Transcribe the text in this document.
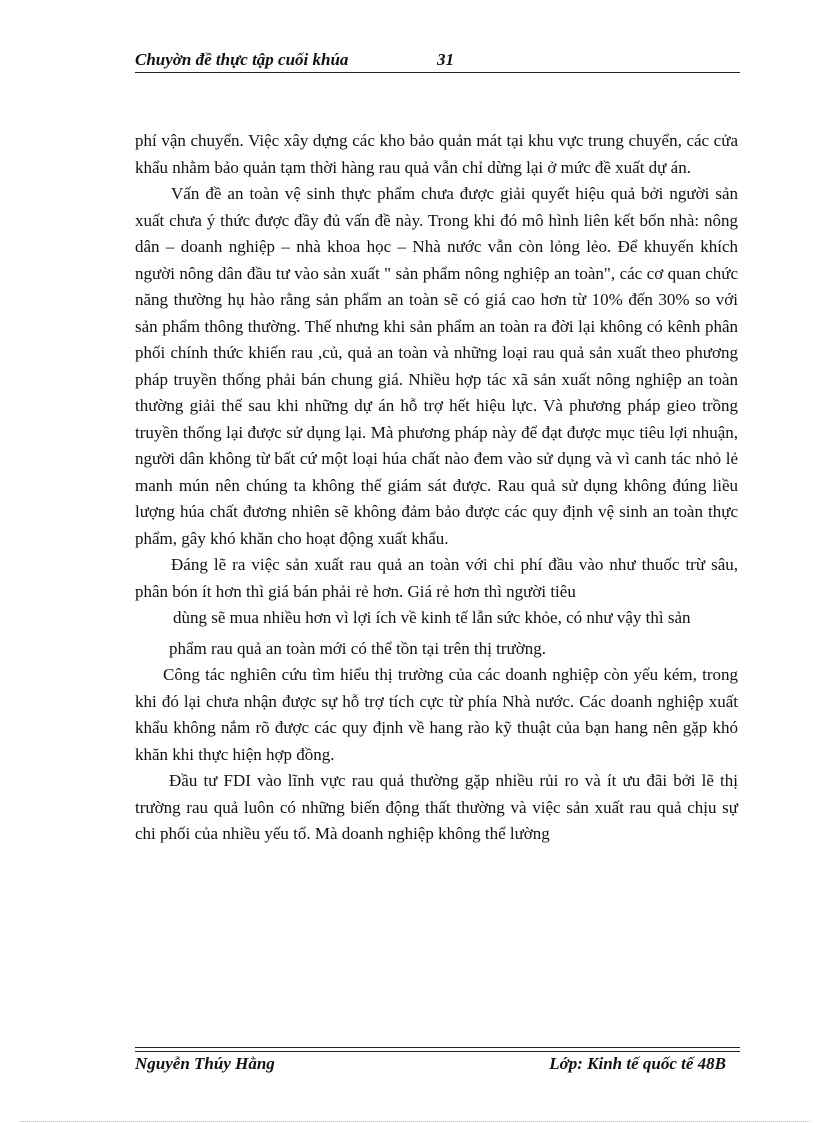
Chuyờn đề thực tập cuối khúa	31

phí vận chuyển. Việc xây dựng các kho bảo quản mát tại khu vực trung chuyển, các cửa khẩu nhằm bảo quản tạm thời hàng rau quả vẫn chỉ dừng lại ở mức đề xuất dự án.

Vấn đề an toàn vệ sinh thực phẩm chưa được giải quyết hiệu quả bởi người sản xuất chưa ý thức được đầy đủ vấn đề này. Trong khi đó mô hình liên kết bốn nhà: nông dân – doanh nghiệp – nhà khoa học – Nhà nước vẫn còn lỏng lẻo. Để khuyến khích người nông dân đầu tư vào sản xuất " sản phẩm nông nghiệp an toàn", các cơ quan chức năng thường hụ hào rằng sản phẩm an toàn sẽ có giá cao hơn từ 10% đến 30% so với sản phẩm thông thường. Thế nhưng khi sản phẩm an toàn ra đời lại không có kênh phân phối chính thức khiến rau ,củ, quả an toàn và những loại rau quả sản xuất theo phương pháp truyền thống phải bán chung giá. Nhiều hợp tác xã sản xuất nông nghiệp an toàn thường giải thể sau khi những dự án hỗ trợ hết hiệu lực. Và phương pháp gieo trồng truyền thống lại được sử dụng lại. Mà phương pháp này để đạt được mục tiêu lợi nhuận, người dân không từ bất cứ một loại húa chất nào đem vào sử dụng và vì canh tác nhỏ lẻ manh mún nên chúng ta không thể giám sát được. Rau quả sử dụng không đúng liều lượng húa chất đương nhiên sẽ không đảm bảo được các quy định vệ sinh an toàn thực phẩm, gây khó khăn cho hoạt động xuất khẩu.

Đáng lẽ ra việc sản xuất rau quả an toàn với chi phí đầu vào như thuốc trừ sâu, phân bón ít hơn thì giá bán phải rẻ hơn. Giá rẻ hơn thì người tiêu

dùng sẽ mua nhiều hơn vì lợi ích về kinh tế lẫn sức khỏe, có như vậy thì sản

phẩm rau quả an toàn mới có thể tồn tại trên thị trường.

Công tác nghiên cứu tìm hiểu thị trường của các doanh nghiệp còn yếu kém, trong khi đó lại chưa nhận được sự hỗ trợ tích cực từ phía Nhà nước. Các doanh nghiệp xuất khẩu không nắm rõ được các quy định về hang rào kỹ thuật của bạn hang nên gặp khó khăn khi thực hiện hợp đồng.

Đầu tư FDI vào lĩnh vực rau quả thường gặp nhiều rủi ro và ít ưu đãi bởi lẽ thị trường rau quả luôn có những biến động thất thường và việc sản xuất rau quả chịu sự chi phối của nhiều yếu tố. Mà doanh nghiệp không thể lường

Nguyễn Thúy Hằng	Lớp: Kinh tế quốc tế 48B
